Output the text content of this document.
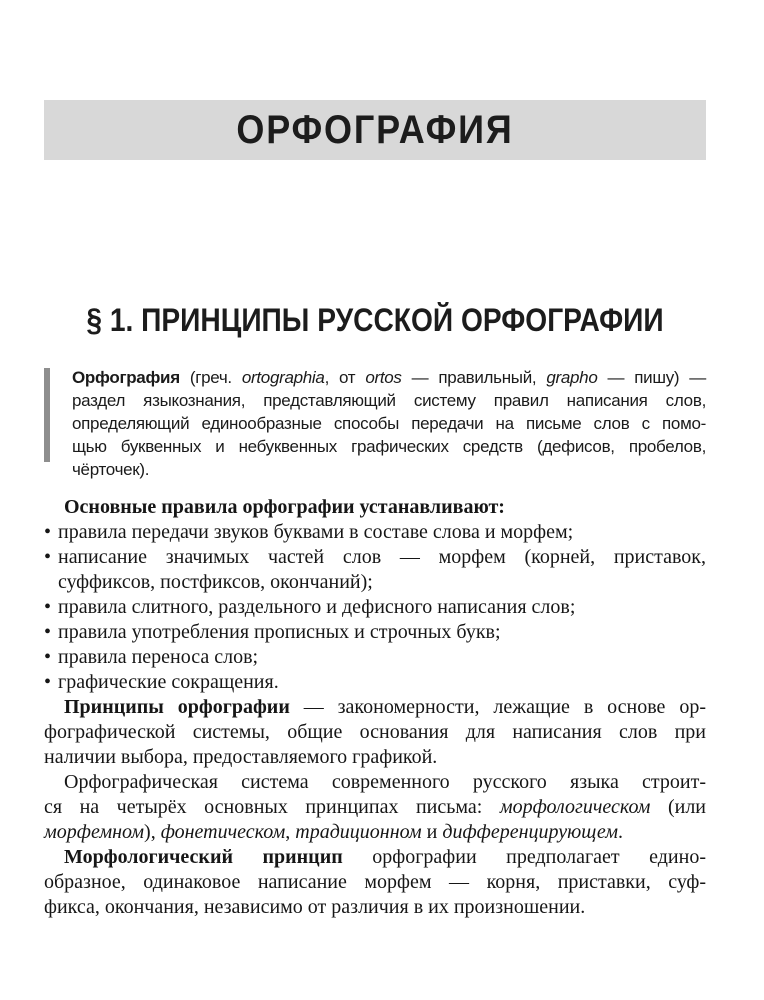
ОРФОГРАФИЯ
§ 1. ПРИНЦИПЫ РУССКОЙ ОРФОГРАФИИ
Орфография (греч. ortographia, от ortos — правильный, grapho — пишу) —
раздел языкознания, представляющий систему правил написания слов,
определяющий единообразные способы передачи на письме слов с помо-
щью буквенных и небуквенных графических средств (дефисов, пробелов,
чёрточек).
Основные правила орфографии устанавливают:
• правила передачи звуков буквами в составе слова и морфем;
• написание значимых частей слов — морфем (корней, приставок,
суффиксов, постфиксов, окончаний);
• правила слитного, раздельного и дефисного написания слов;
• правила употребления прописных и строчных букв;
• правила переноса слов;
• графические сокращения.
Принципы орфографии — закономерности, лежащие в основе ор-
фографической системы, общие основания для написания слов при
наличии выбора, предоставляемого графикой.
Орфографическая система современного русского языка строит-
ся на четырёх основных принципах письма: морфологическом (или
морфемном), фонетическом, традиционном и дифференцирующем.
Морфологический принцип орфографии предполагает едино-
образное, одинаковое написание морфем — корня, приставки, суф-
фикса, окончания, независимо от различия в их произношении.
